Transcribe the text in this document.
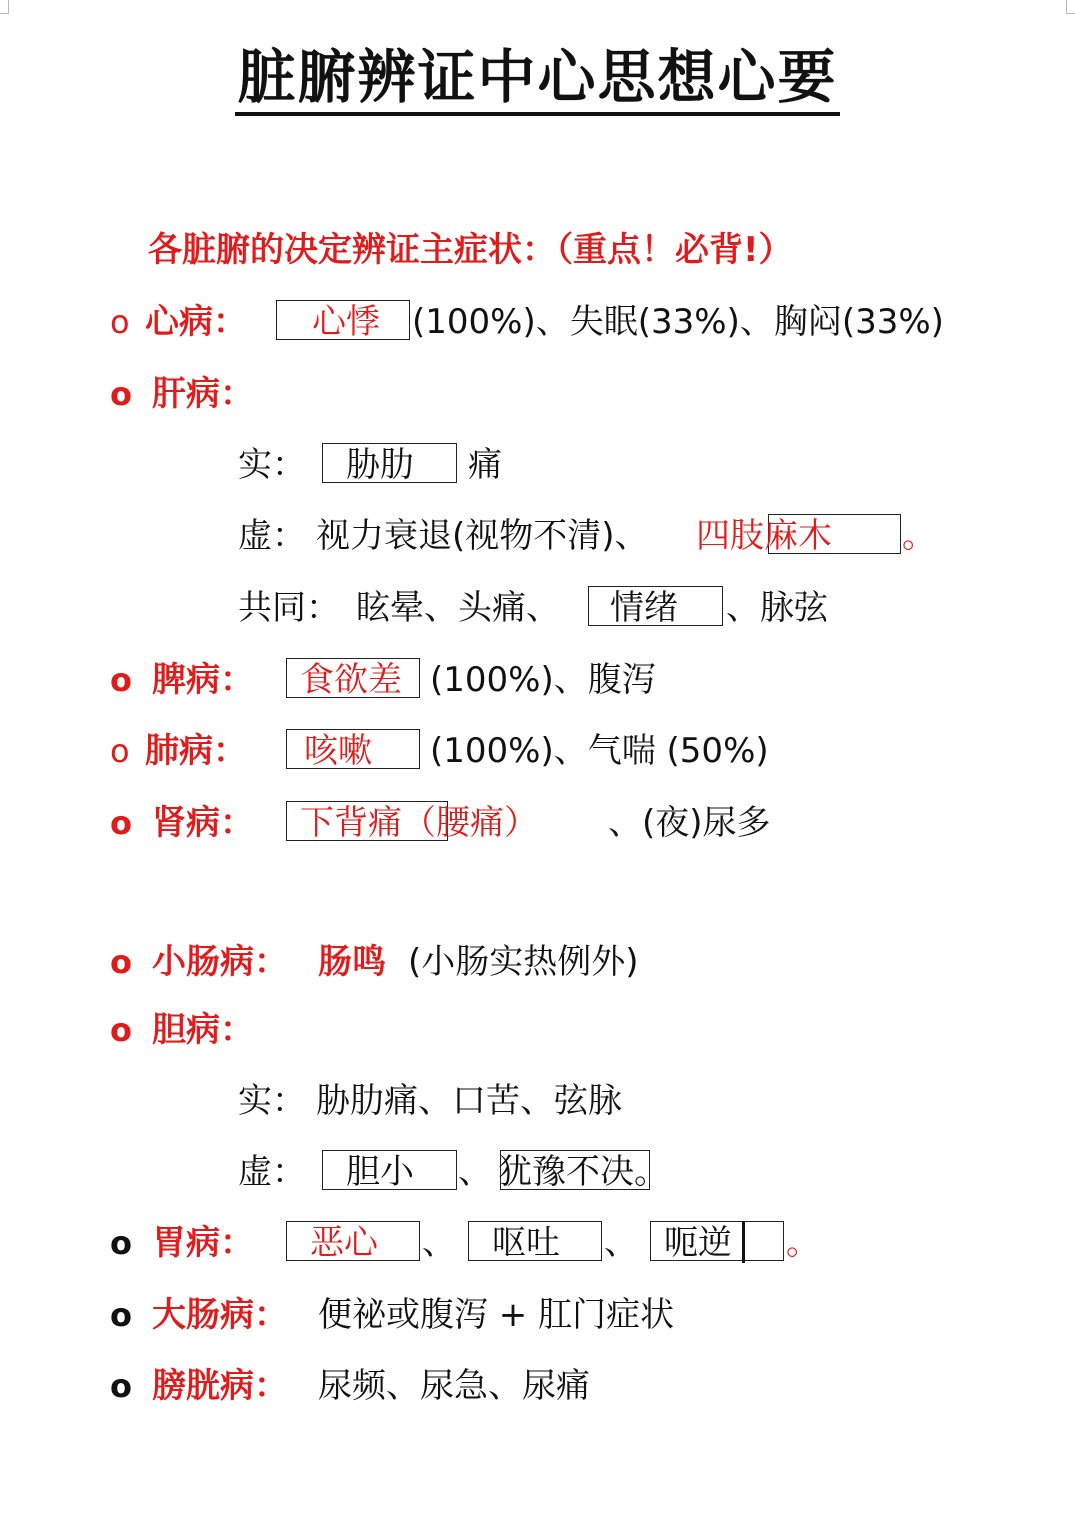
脏腑辨证中心思想心要
各脏腑的决定辨证主症状：（重点！必背!）
o 心病： 心悸 (100%)、失眠(33%)、胸闷(33%)
o 肝病：
实： 胁肋 痛
虚： 视力衰退(视物不清)、 四肢麻木 。
共同： 眩晕、头痛、 情绪 、脉弦
o 脾病： 食欲差 (100%)、腹泻
o 肺病： 咳嗽 (100%)、气喘 (50%)
o 肾病： 下背痛（腰痛） 、(夜)尿多
o 小肠病： 肠鸣 (小肠实热例外)
o 胆病：
实： 胁肋痛、口苦、弦脉
虚： 胆小 、 犹豫不决。
o 胃病： 恶心 、 呕吐 、 呃逆 。
o 大肠病： 便祕或腹泻 + 肛门症状
o 膀胱病： 尿频、尿急、尿痛
